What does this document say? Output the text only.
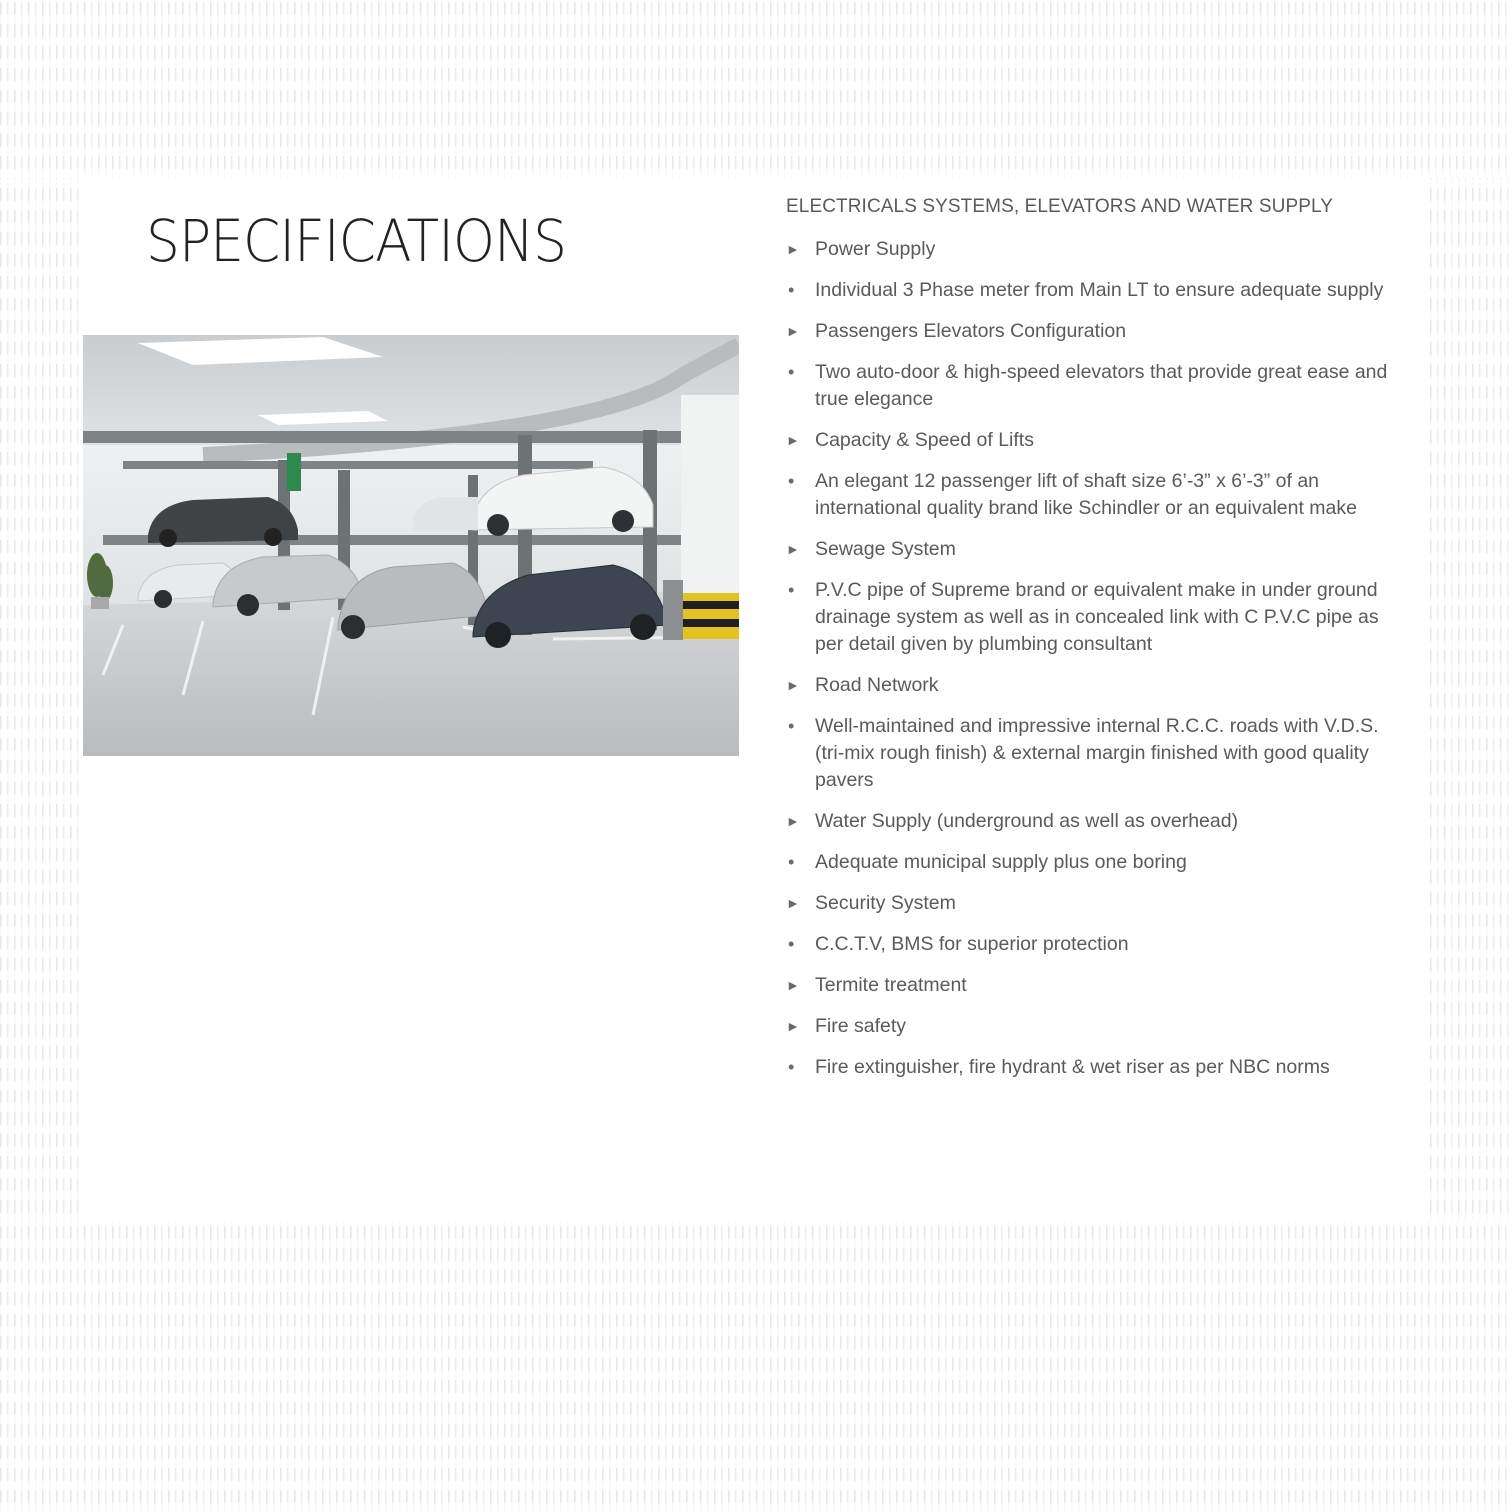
SPECIFICATIONS
ELECTRICALS SYSTEMS, ELEVATORS AND WATER SUPPLY
► Power Supply
•	Individual 3 Phase meter from Main LT to ensure adequate supply
► Passengers Elevators Configuration
•	Two auto-door & high-speed elevators that provide great ease and true elegance
► Capacity & Speed of Lifts
•	An elegant 12 passenger lift of shaft size 6’-3” x 6’-3” of an international quality brand like Schindler or an equivalent make
► Sewage System
•	P.V.C pipe of Supreme brand or equivalent make in under ground drainage system as well as in concealed link with C P.V.C pipe as per detail given by plumbing consultant
► Road Network
•	Well-maintained and impressive internal R.C.C. roads with V.D.S. (tri-mix rough finish) & external margin finished with good quality pavers
► Water Supply (underground as well as overhead)
•	Adequate municipal supply plus one boring
► Security System
•	C.C.T.V, BMS for superior protection
► Termite treatment
► Fire safety
•	Fire extinguisher, fire hydrant & wet riser as per NBC norms
